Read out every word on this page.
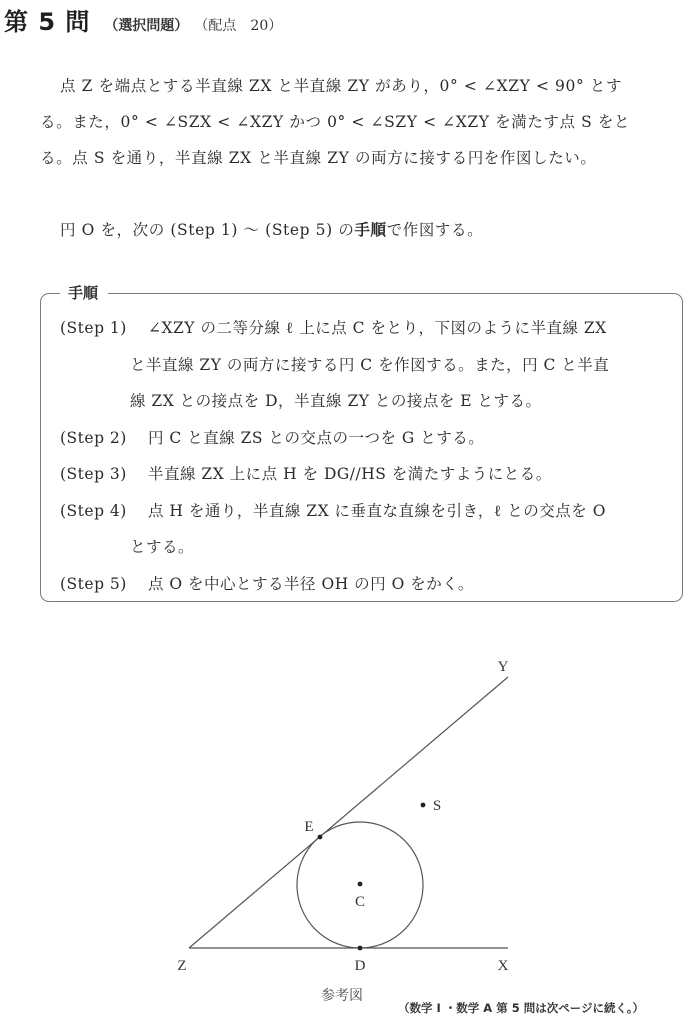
第 5 問 （選択問題） （配点　20）
点 Z を端点とする半直線 ZX と半直線 ZY があり，0° < ∠XZY < 90° とす
る。また，0° < ∠SZX < ∠XZY かつ 0° < ∠SZY < ∠XZY を満たす点 S をと
る。点 S を通り，半直線 ZX と半直線 ZY の両方に接する円を作図したい。
円 O を，次の (Step 1) ～ (Step 5) の手順で作図する。
手順
(Step 1)	∠XZY の二等分線 ℓ 上に点 C をとり，下図のように半直線 ZX
と半直線 ZY の両方に接する円 C を作図する。また，円 C と半直
線 ZX との接点を D，半直線 ZY との接点を E とする。
(Step 2)	円 C と直線 ZS との交点の一つを G とする。
(Step 3)	半直線 ZX 上に点 H を DG//HS を満たすようにとる。
(Step 4)	点 H を通り，半直線 ZX に垂直な直線を引き，ℓ との交点を O
とする。
(Step 5)	点 O を中心とする半径 OH の円 O をかく。
Y
S
E
C
Z	D	X
参考図
（数学 I ・数学 A 第 5 問は次ページに続く。）
